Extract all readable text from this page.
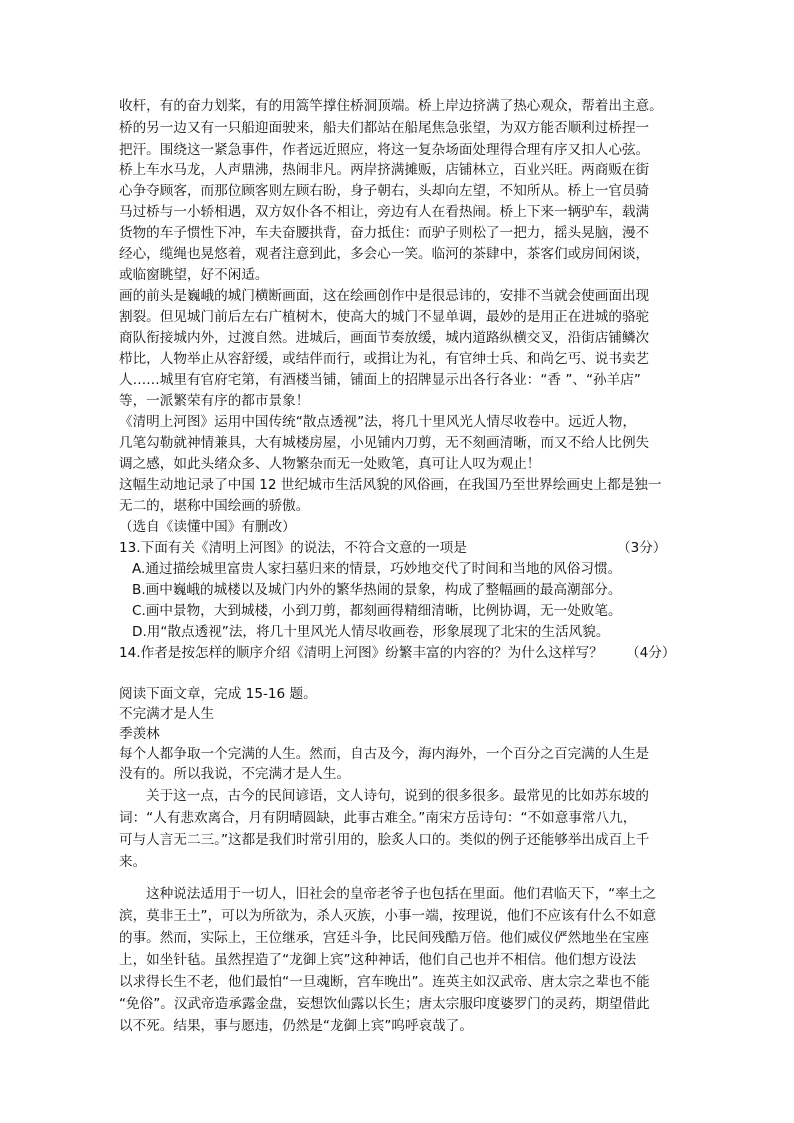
收杆，有的奋力划桨，有的用篙竿撑住桥洞顶端。桥上岸边挤满了热心观众，帮着出主意。
桥的另一边又有一只船迎面驶来，船夫们都站在船尾焦急张望，为双方能否顺利过桥捏一
把汗。围绕这一紧急事件，作者远近照应，将这一复杂场面处理得合理有序又扣人心弦。
桥上车水马龙，人声鼎沸，热闹非凡。两岸挤满摊贩，店铺林立，百业兴旺。两商贩在街
心争夺顾客，而那位顾客则左顾右盼，身子朝右，头却向左望，不知所从。桥上一官员骑
马过桥与一小轿相遇，双方奴仆各不相让，旁边有人在看热闹。桥上下来一辆驴车，载满
货物的车子惯性下冲，车夫奋腰拱背，奋力抵住：而驴子则松了一把力，摇头晃脑，漫不
经心，缆绳也晃悠着，观者注意到此，多会心一笑。临河的茶肆中，茶客们或房间闲谈，
或临窗眺望，好不闲适。
画的前头是巍峨的城门横断画面，这在绘画创作中是很忌讳的，安排不当就会使画面出现
割裂。但见城门前后左右广植树木，使高大的城门不显单调，最妙的是用正在进城的骆驼
商队衔接城内外，过渡自然。进城后，画面节奏放缓，城内道路纵横交叉，沿街店铺鳞次
栉比，人物举止从容舒缓，或结伴而行，或揖让为礼，有官绅士兵、和尚乞丐、说书卖艺
人……城里有官府宅第，有酒楼当铺，铺面上的招牌显示出各行各业：“香 ”、“孙羊店”
等，一派繁荣有序的都市景象！
《清明上河图》运用中国传统“散点透视”法，将几十里风光人情尽收卷中。远近人物，
几笔勾勒就神情兼具，大有城楼房屋，小见铺内刀剪，无不刻画清晰，而又不给人比例失
调之感，如此头绪众多、人物繁杂而无一处败笔，真可让人叹为观止！
这幅生动地记录了中国 12 世纪城市生活风貌的风俗画，在我国乃至世界绘画史上都是独一
无二的，堪称中国绘画的骄傲。
（选自《读懂中国》有删改）
13.下面有关《清明上河图》的说法，不符合文意的一项是	（3分）
A.通过描绘城里富贵人家扫墓归来的情景，巧妙地交代了时间和当地的风俗习惯。
B.画中巍峨的城楼以及城门内外的繁华热闹的景象，构成了整幅画的最高潮部分。
C.画中景物，大到城楼，小到刀剪，都刻画得精细清晰，比例协调，无一处败笔。
D.用“散点透视”法，将几十里风光人情尽收画卷，形象展现了北宋的生活风貌。
14.作者是按怎样的顺序介绍《清明上河图》纷繁丰富的内容的？为什么这样写？ （4分）
阅读下面文章，完成 15-16 题。
不完满才是人生
季羡林
每个人都争取一个完满的人生。然而，自古及今，海内海外，一个百分之百完满的人生是
没有的。所以我说，不完满才是人生。
关于这一点，古今的民间谚语，文人诗句，说到的很多很多。最常见的比如苏东坡的
词：“人有悲欢离合，月有阴晴圆缺，此事古难全。”南宋方岳诗句：“不如意事常八九，
可与人言无二三。”这都是我们时常引用的，脍炙人口的。类似的例子还能够举出成百上千
来。
这种说法适用于一切人，旧社会的皇帝老爷子也包括在里面。他们君临天下，“率土之
滨，莫非王土”，可以为所欲为，杀人灭族，小事一端，按理说，他们不应该有什么不如意
的事。然而，实际上，王位继承，宫廷斗争，比民间残酷万倍。他们威仪俨然地坐在宝座
上，如坐针毡。虽然捏造了“龙御上宾”这种神话，他们自己也并不相信。他们想方设法
以求得长生不老，他们最怕“一旦魂断，宫车晚出”。连英主如汉武帝、唐太宗之辈也不能
“免俗”。汉武帝造承露金盘，妄想饮仙露以长生；唐太宗服印度婆罗门的灵药，期望借此
以不死。结果，事与愿违，仍然是“龙御上宾”呜呼哀哉了。
